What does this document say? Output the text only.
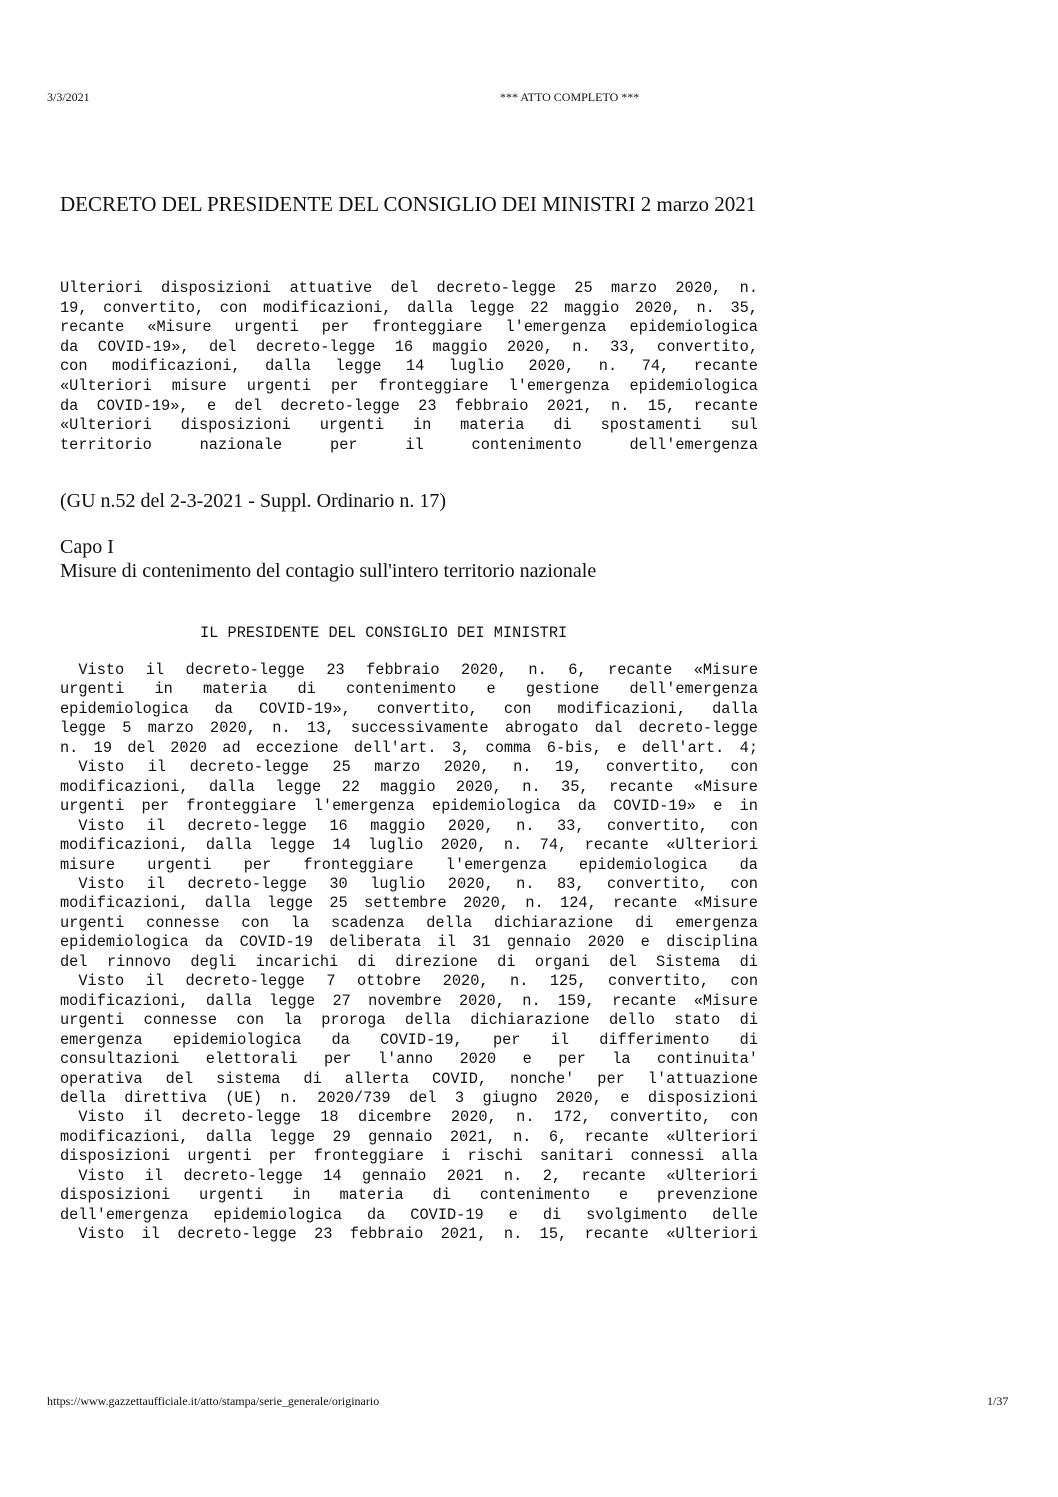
3/3/2021	*** ATTO COMPLETO ***
DECRETO DEL PRESIDENTE DEL CONSIGLIO DEI MINISTRI 2 marzo 2021
Ulteriori disposizioni attuative del decreto-legge 25 marzo 2020, n.
19, convertito, con modificazioni, dalla legge 22 maggio 2020, n. 35,
recante «Misure urgenti per fronteggiare l'emergenza epidemiologica
da COVID-19», del decreto-legge 16 maggio 2020, n. 33, convertito,
con modificazioni, dalla legge 14 luglio 2020, n. 74, recante
«Ulteriori misure urgenti per fronteggiare l'emergenza epidemiologica
da COVID-19», e del decreto-legge 23 febbraio 2021, n. 15, recante
«Ulteriori disposizioni urgenti in materia di spostamenti sul
territorio nazionale per il contenimento dell'emergenza
(GU n.52 del 2-3-2021 - Suppl. Ordinario n. 17)
Capo I
Misure di contenimento del contagio sull'intero territorio nazionale
IL PRESIDENTE DEL CONSIGLIO DEI MINISTRI
Visto il decreto-legge 23 febbraio 2020, n. 6, recante «Misure
urgenti in materia di contenimento e gestione dell'emergenza
epidemiologica da COVID-19», convertito, con modificazioni, dalla
legge 5 marzo 2020, n. 13, successivamente abrogato dal decreto-legge
n. 19 del 2020 ad eccezione dell'art. 3, comma 6-bis, e dell'art. 4;
Visto il decreto-legge 25 marzo 2020, n. 19, convertito, con
modificazioni, dalla legge 22 maggio 2020, n. 35, recante «Misure
urgenti per fronteggiare l'emergenza epidemiologica da COVID-19» e in
Visto il decreto-legge 16 maggio 2020, n. 33, convertito, con
modificazioni, dalla legge 14 luglio 2020, n. 74, recante «Ulteriori
misure urgenti per fronteggiare l'emergenza epidemiologica da
Visto il decreto-legge 30 luglio 2020, n. 83, convertito, con
modificazioni, dalla legge 25 settembre 2020, n. 124, recante «Misure
urgenti connesse con la scadenza della dichiarazione di emergenza
epidemiologica da COVID-19 deliberata il 31 gennaio 2020 e disciplina
del rinnovo degli incarichi di direzione di organi del Sistema di
Visto il decreto-legge 7 ottobre 2020, n. 125, convertito, con
modificazioni, dalla legge 27 novembre 2020, n. 159, recante «Misure
urgenti connesse con la proroga della dichiarazione dello stato di
emergenza epidemiologica da COVID-19, per il differimento di
consultazioni elettorali per l'anno 2020 e per la continuita'
operativa del sistema di allerta COVID, nonche' per l'attuazione
della direttiva (UE) n. 2020/739 del 3 giugno 2020, e disposizioni
Visto il decreto-legge 18 dicembre 2020, n. 172, convertito, con
modificazioni, dalla legge 29 gennaio 2021, n. 6, recante «Ulteriori
disposizioni urgenti per fronteggiare i rischi sanitari connessi alla
Visto il decreto-legge 14 gennaio 2021 n. 2, recante «Ulteriori
disposizioni urgenti in materia di contenimento e prevenzione
dell'emergenza epidemiologica da COVID-19 e di svolgimento delle
Visto il decreto-legge 23 febbraio 2021, n. 15, recante «Ulteriori
https://www.gazzettaufficiale.it/atto/stampa/serie_generale/originario	1/37
